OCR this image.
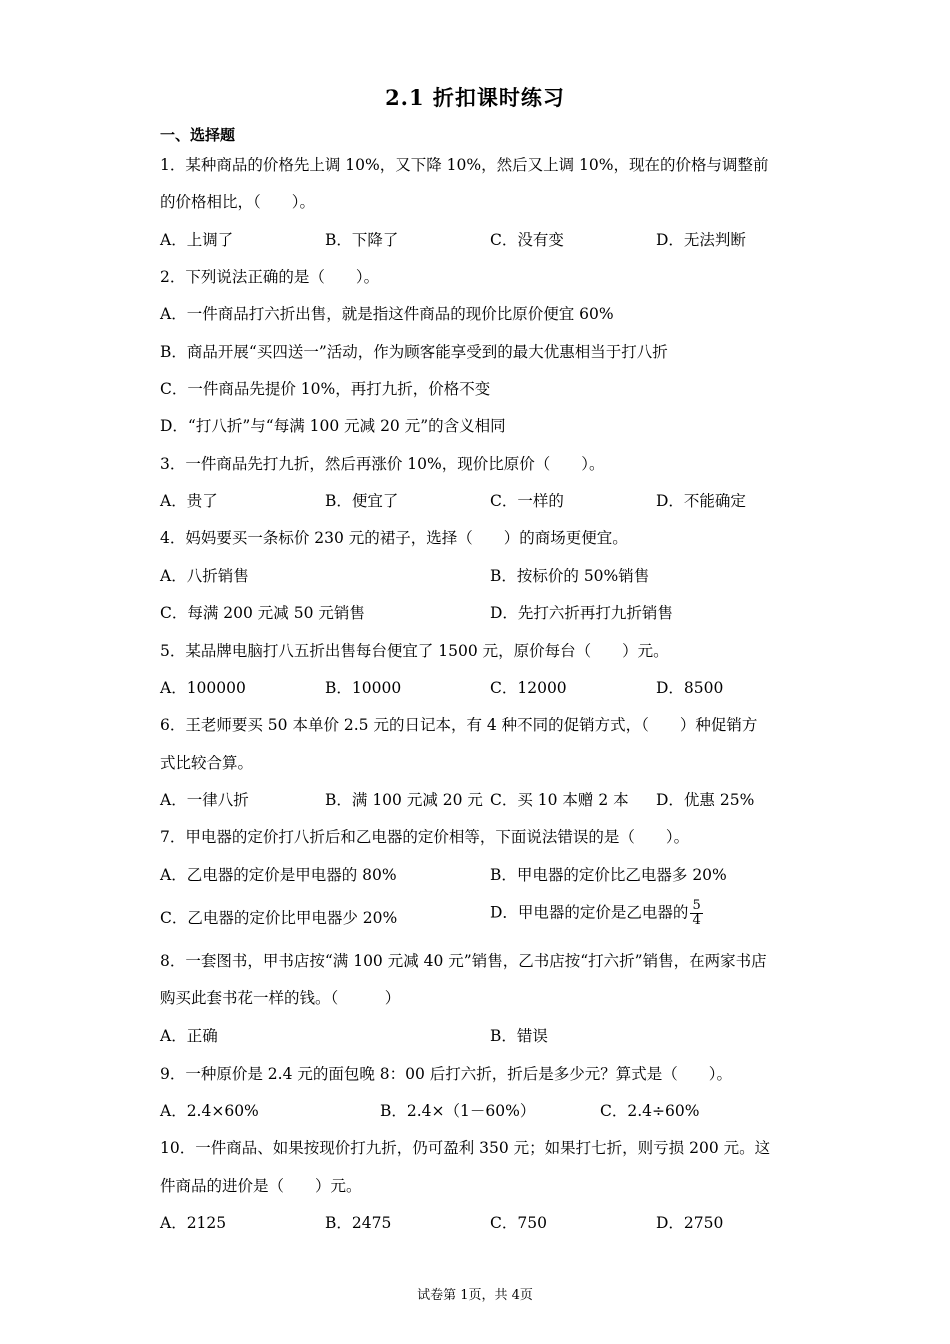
2.1 折扣课时练习
一、选择题
1．某种商品的价格先上调 10%，又下降 10%，然后又上调 10%，现在的价格与调整前
的价格相比，（　　）。
A．上调了	B．下降了	C．没有变	D．无法判断
2．下列说法正确的是（　　）。
A．一件商品打六折出售，就是指这件商品的现价比原价便宜 60%
B．商品开展“买四送一”活动，作为顾客能享受到的最大优惠相当于打八折
C．一件商品先提价 10%，再打九折，价格不变
D．“打八折”与“每满 100 元减 20 元”的含义相同
3．一件商品先打九折，然后再涨价 10%，现价比原价（　　）。
A．贵了	B．便宜了	C．一样的	D．不能确定
4．妈妈要买一条标价 230 元的裙子，选择（　　）的商场更便宜。
A．八折销售	B．按标价的 50%销售
C．每满 200 元减 50 元销售	D．先打六折再打九折销售
5．某品牌电脑打八五折出售每台便宜了 1500 元，原价每台（　　）元。
A．100000	B．10000	C．12000	D．8500
6．王老师要买 50 本单价 2.5 元的日记本，有 4 种不同的促销方式，（　　）种促销方
式比较合算。
A．一律八折	B．满 100 元减 20 元 C．买 10 本赠 2 本 D．优惠 25%
7．甲电器的定价打八折后和乙电器的定价相等，下面说法错误的是（　　）。
A．乙电器的定价是甲电器的 80%	B．甲电器的定价比乙电器多 20%
C．乙电器的定价比甲电器少 20%	D．甲电器的定价是乙电器的 $\frac{5}{4}$
8．一套图书，甲书店按“满 100 元减 40 元”销售，乙书店按“打六折”销售，在两家书店
购买此套书花一样的钱。（　　　）
A．正确	B．错误
9．一种原价是 2.4 元的面包晚 8：00 后打六折，折后是多少元？算式是（　　）。
A．2.4×60%	B．2.4×（1－60%）	C．2.4÷60%
10．一件商品、如果按现价打九折，仍可盈利 350 元；如果打七折，则亏损 200 元。这
件商品的进价是（　　）元。
A．2125	B．2475	C．750	D．2750
试卷第 1页，共 4页
